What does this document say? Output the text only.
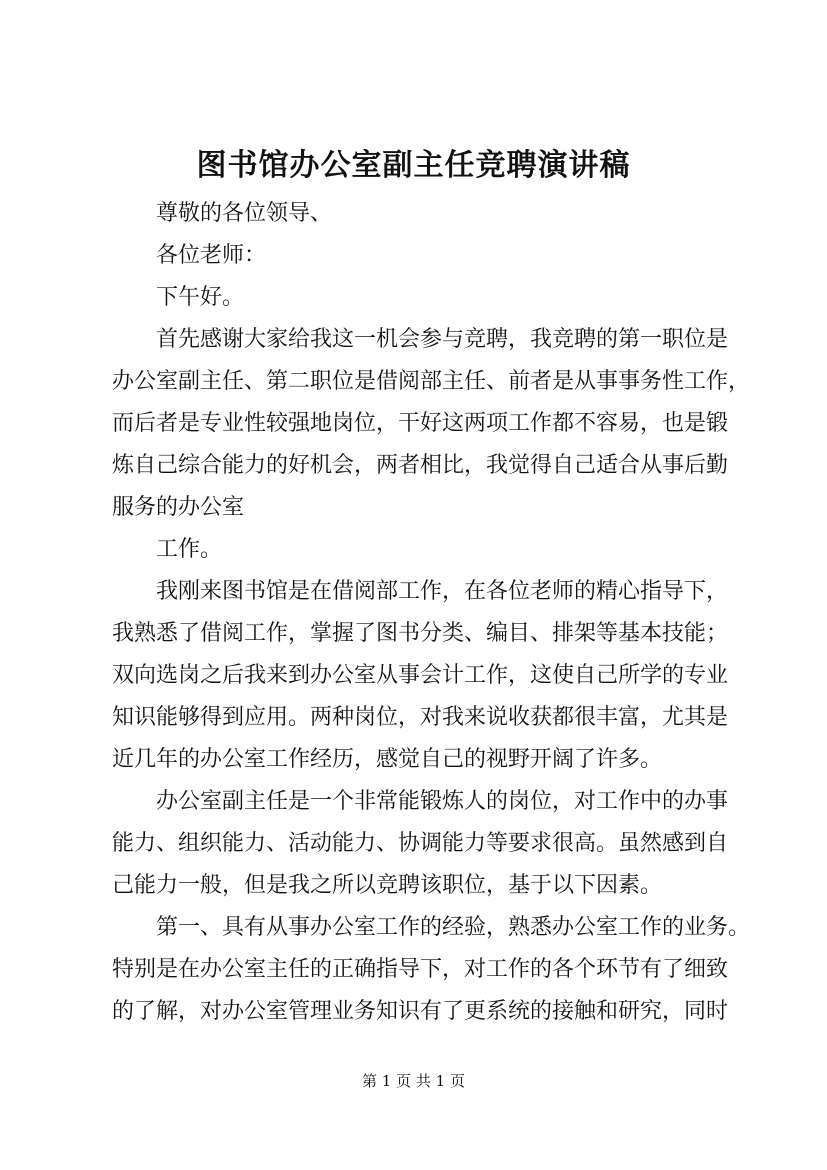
图书馆办公室副主任竞聘演讲稿
尊敬的各位领导、
各位老师：
下午好。
首先感谢大家给我这一机会参与竞聘，我竞聘的第一职位是
办公室副主任、第二职位是借阅部主任、前者是从事事务性工作，
而后者是专业性较强地岗位，干好这两项工作都不容易，也是锻
炼自己综合能力的好机会，两者相比，我觉得自己适合从事后勤
服务的办公室
工作。
我刚来图书馆是在借阅部工作，在各位老师的精心指导下，
我熟悉了借阅工作，掌握了图书分类、编目、排架等基本技能；
双向选岗之后我来到办公室从事会计工作，这使自己所学的专业
知识能够得到应用。两种岗位，对我来说收获都很丰富，尤其是
近几年的办公室工作经历，感觉自己的视野开阔了许多。
办公室副主任是一个非常能锻炼人的岗位，对工作中的办事
能力、组织能力、活动能力、协调能力等要求很高。虽然感到自
己能力一般，但是我之所以竞聘该职位，基于以下因素。
第一、具有从事办公室工作的经验，熟悉办公室工作的业务。
特别是在办公室主任的正确指导下，对工作的各个环节有了细致
的了解，对办公室管理业务知识有了更系统的接触和研究，同时
第 1 页 共 1 页
